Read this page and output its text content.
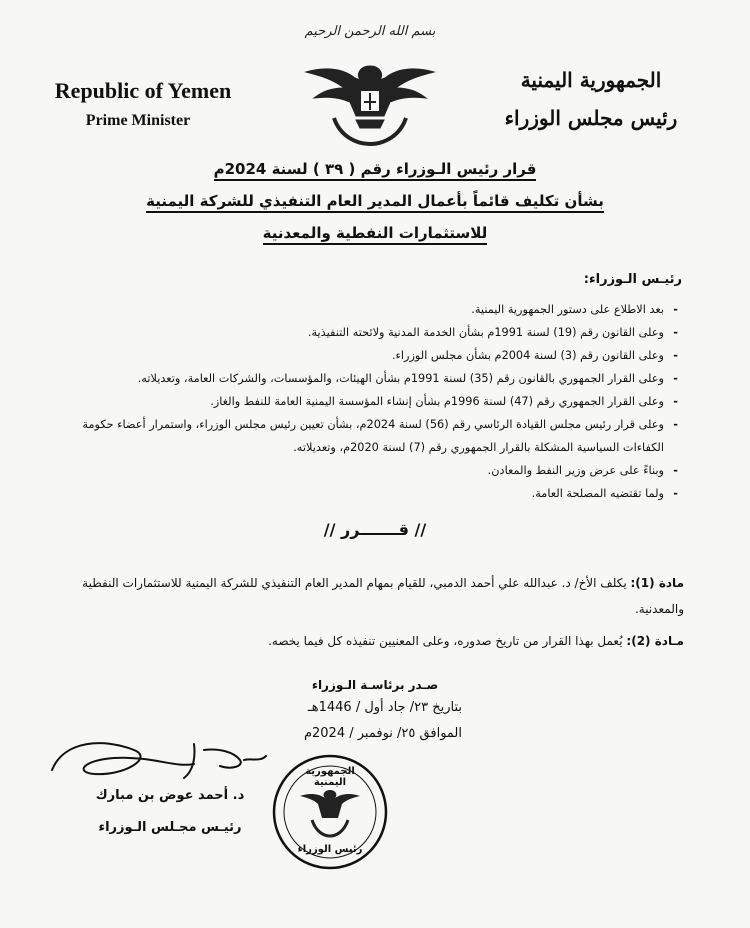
بسم الله الرحمن الرحيم
Republic of Yemen
Prime Minister
الجمهورية اليمنية
رئيس مجلس الوزراء
قرار رئيس الـوزراء رقم ( ٣٩ ) لسنة 2024م
بشأن تكليف قائماً بأعمال المدير العام التنفيذي للشركة اليمنية
للاستثمارات النفطية والمعدنية
رئيـس الـوزراء:
- بعد الاطلاع على دستور الجمهورية اليمنية.
- وعلى القانون رقم (19) لسنة 1991م بشأن الخدمة المدنية ولائحته التنفيذية.
- وعلى القانون رقم (3) لسنة 2004م بشأن مجلس الوزراء.
- وعلى القرار الجمهوري بالقانون رقم (35) لسنة 1991م بشأن الهيئات، والمؤسسات، والشركات العامة، وتعديلاته.
- وعلى القرار الجمهوري رقم (47) لسنة 1996م بشأن إنشاء المؤسسة اليمنية العامة للنفط والغاز.
- وعلى قرار رئيس مجلس القيادة الرئاسي رقم (56) لسنة 2024م، بشأن تعيين رئيس مجلس الوزراء، واستمرار أعضاء حكومة الكفاءات السياسية المشكلة بالقرار الجمهوري رقم (7) لسنة 2020م، وتعديلاته.
- وبناءً على عرض وزير النفط والمعادن.
- ولما تقتضيه المصلحة العامة.
// قـــــــرر //
مادة (1): يكلف الأخ/ د. عبدالله علي أحمد الدمبي، للقيام بمهام المدير العام التنفيذي للشركة اليمنية للاستثمارات النفطية والمعدنية.
مـادة (2): يُعمل بهذا القرار من تاريخ صدوره، وعلى المعنيين تنفيذه كل فيما يخصه.
صـدر برئاسـة الـوزراء
بتاريخ ٢٣/ جاد أول / 1446هـ
الموافق ٢٥/ نوفمبر / 2024م
د. أحمد عوض بن مبارك
رئيـس مجـلس الـوزراء
الجمهورية اليمنية
رئيس الوزراء
